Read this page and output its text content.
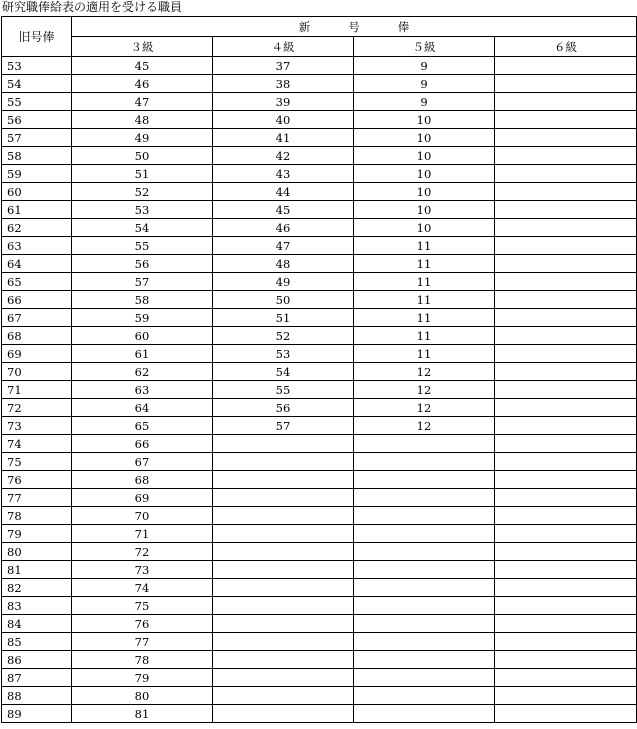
研究職俸給表の適用を受ける職員
旧号俸	新号俸			
	３級	４級	５級	６級
53	45	37	9	
54	46	38	9	
55	47	39	9	
56	48	40	10	
57	49	41	10	
58	50	42	10	
59	51	43	10	
60	52	44	10	
61	53	45	10	
62	54	46	10	
63	55	47	11	
64	56	48	11	
65	57	49	11	
66	58	50	11	
67	59	51	11	
68	60	52	11	
69	61	53	11	
70	62	54	12	
71	63	55	12	
72	64	56	12	
73	65	57	12	
74	66			
75	67			
76	68			
77	69			
78	70			
79	71			
80	72			
81	73			
82	74			
83	75			
84	76			
85	77			
86	78			
87	79			
88	80			
89	81			
